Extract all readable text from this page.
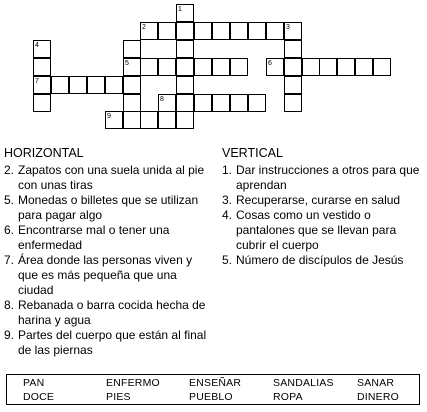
1
2	3
4
5	6
7
8
9
HORIZONTAL
2. Zapatos con una suela unida al pie con unas tiras
5. Monedas o billetes que se utilizan para pagar algo
6. Encontrarse mal o tener una enfermedad
7. Área donde las personas viven y que es más pequeña que una ciudad
8. Rebanada o barra cocida hecha de harina y agua
9. Partes del cuerpo que están al final de las piernas
VERTICAL
1. Dar instrucciones a otros para que aprendan
3. Recuperarse, curarse en salud
4. Cosas como un vestido o pantalones que se llevan para cubrir el cuerpo
5. Número de discípulos de Jesús
PAN	ENFERMO	ENSEÑAR	SANDALIAS SANAR
DOCE	PIES	PUEBLO	ROPA	DINERO
